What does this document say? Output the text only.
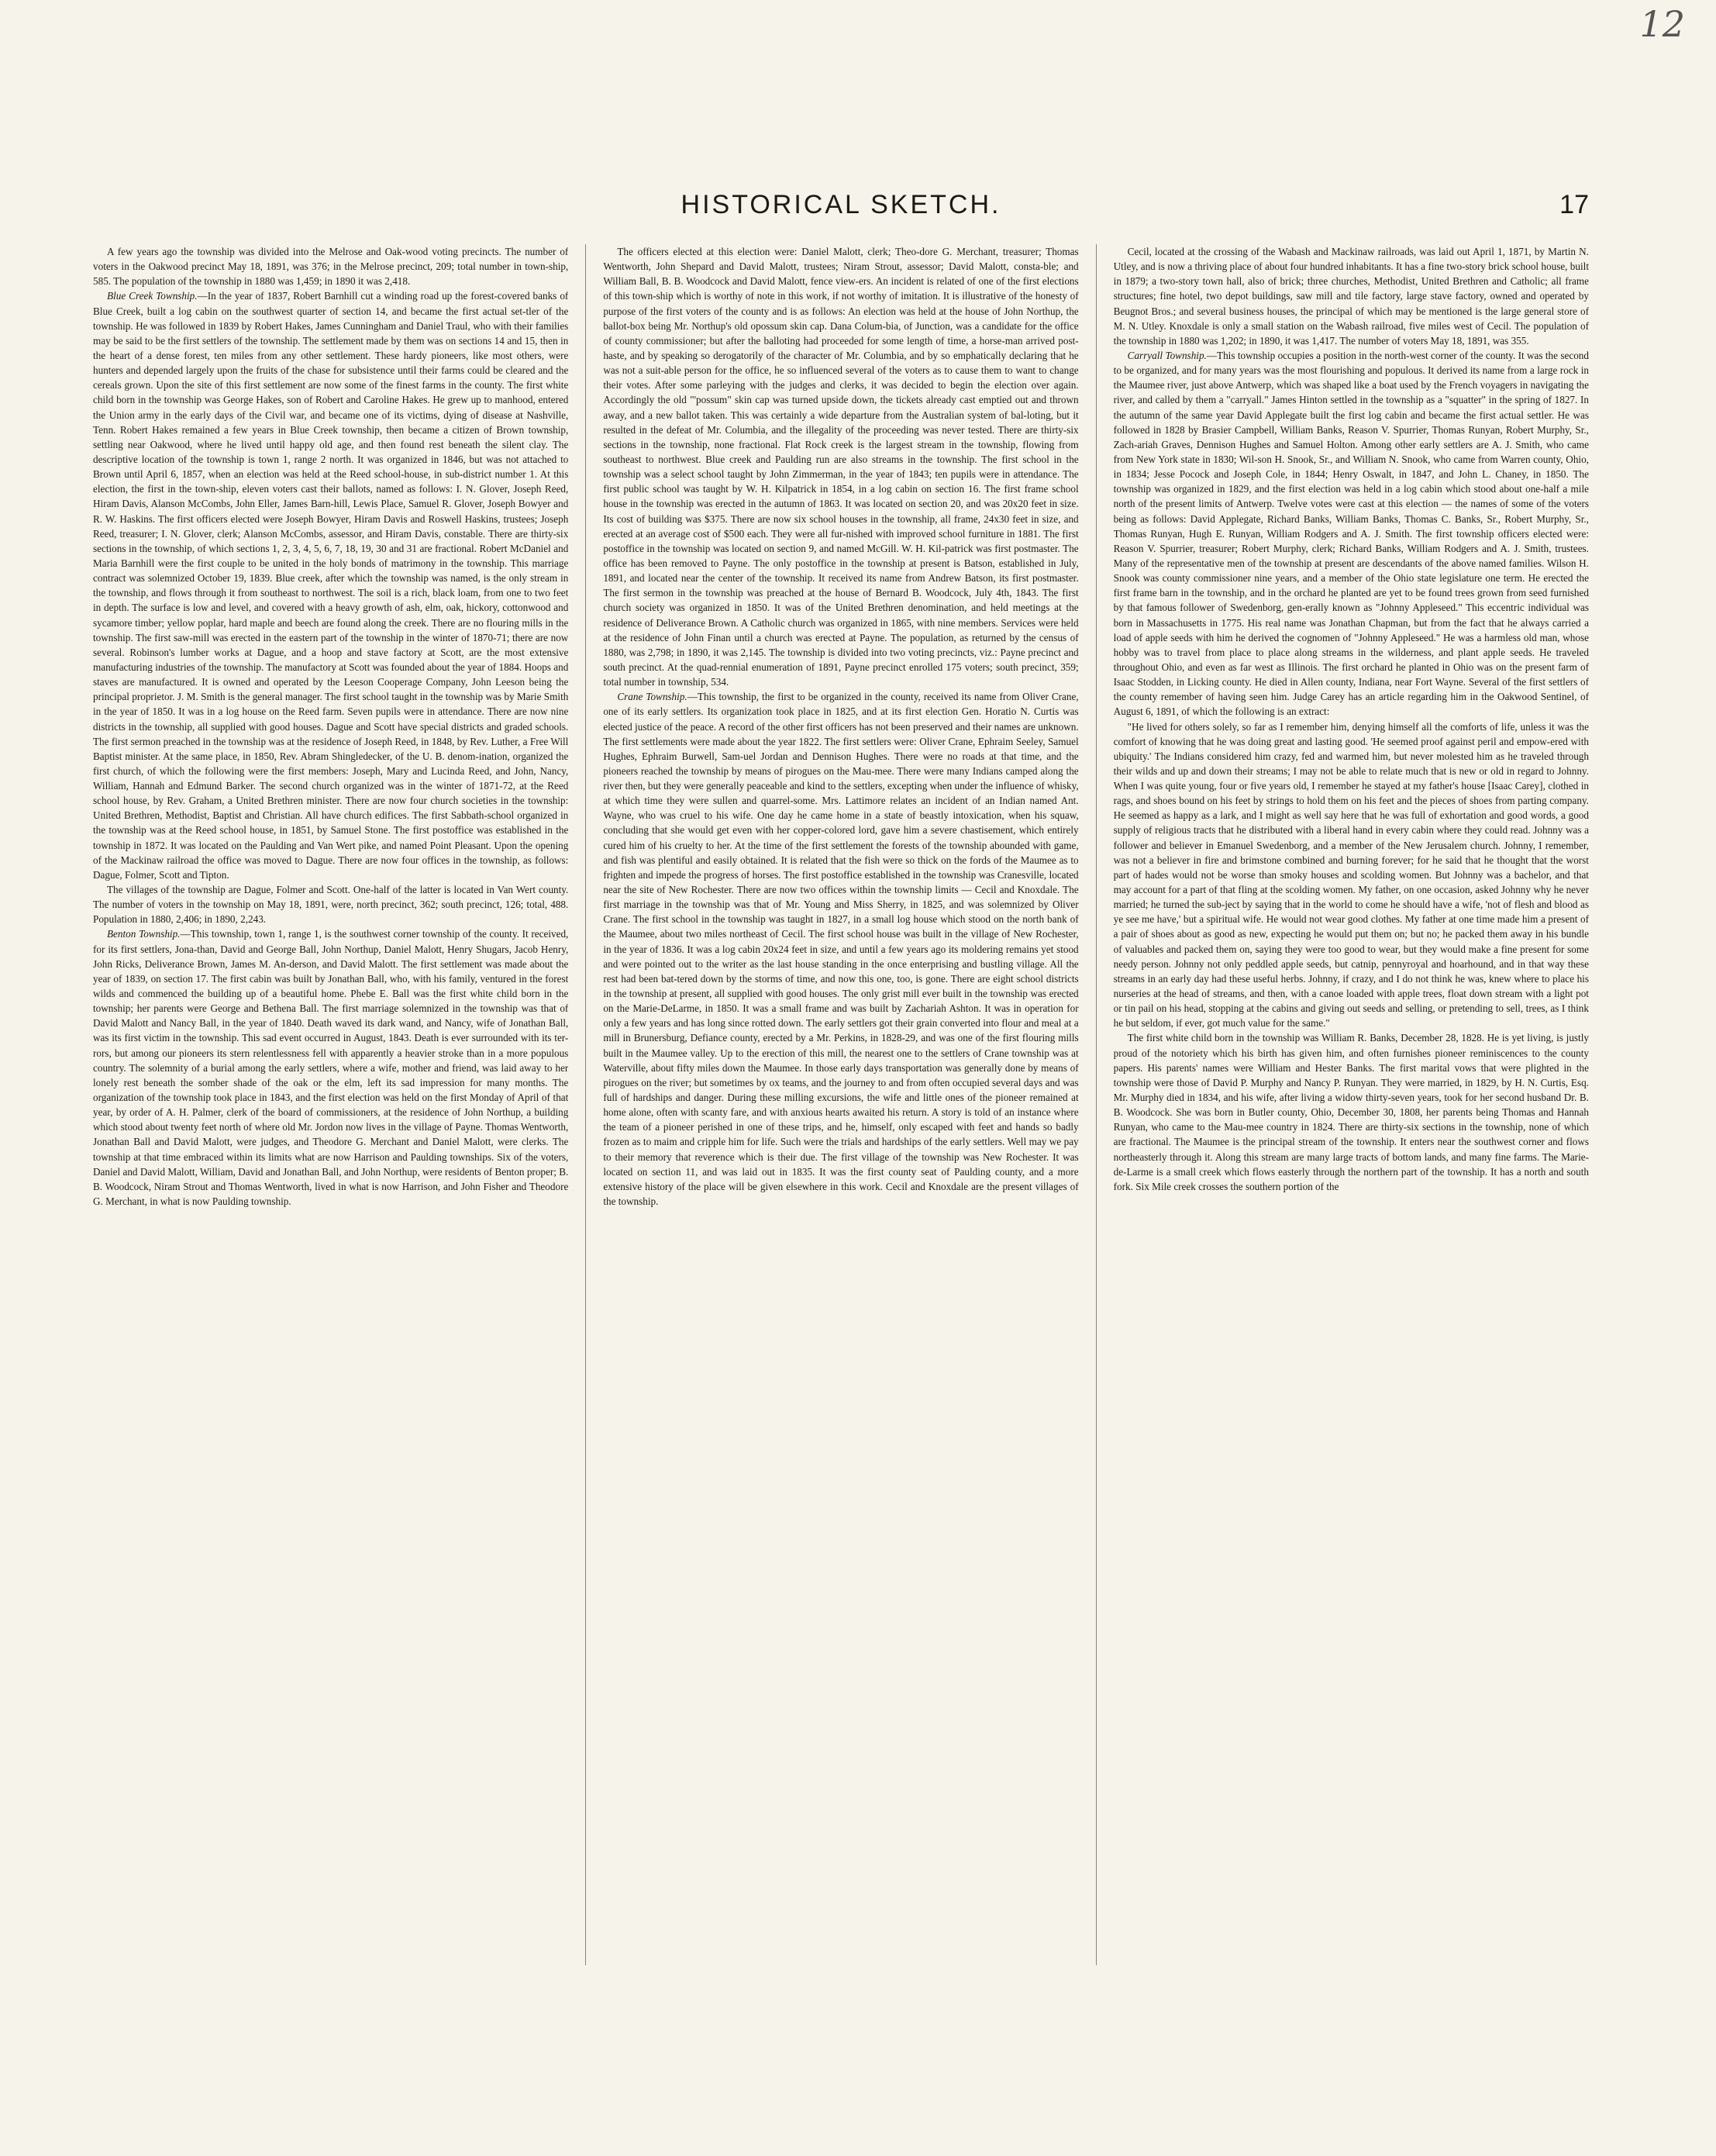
12
HISTORICAL SKETCH.	17

A few years ago the township was divided into the Melrose and Oak-wood voting precincts. The number of voters in the Oakwood precinct May 18, 1891, was 376; in the Melrose precinct, 209; total number in town-ship, 585. The population of the township in 1880 was 1,459; in 1890 it was 2,418.

Blue Creek Township.—In the year of 1837, Robert Barnhill cut a winding road up the forest-covered banks of Blue Creek, built a log cabin on the southwest quarter of section 14, and became the first actual set-tler of the township. He was followed in 1839 by Robert Hakes, James Cunningham and Daniel Traul, who with their families may be said to be the first settlers of the township. The settlement made by them was on sections 14 and 15, then in the heart of a dense forest, ten miles from any other settlement. These hardy pioneers, like most others, were hunters and depended largely upon the fruits of the chase for subsistence until their farms could be cleared and the cereals grown. Upon the site of this first settlement are now some of the finest farms in the county. The first white child born in the township was George Hakes, son of Robert and Caroline Hakes. He grew up to manhood, entered the Union army in the early days of the Civil war, and became one of its victims, dying of disease at Nashville, Tenn. Robert Hakes remained a few years in Blue Creek township, then became a citizen of Brown township, settling near Oakwood, where he lived until happy old age, and then found rest beneath the silent clay. The descriptive location of the township is town 1, range 2 north. It was organized in 1846, but was not attached to Brown until April 6, 1857, when an election was held at the Reed school-house, in sub-district number 1. At this election, the first in the town-ship, eleven voters cast their ballots, named as follows: I. N. Glover, Joseph Reed, Hiram Davis, Alanson McCombs, John Eller, James Barn-hill, Lewis Place, Samuel R. Glover, Joseph Bowyer and R. W. Haskins. The first officers elected were Joseph Bowyer, Hiram Davis and Roswell Haskins, trustees; Joseph Reed, treasurer; I. N. Glover, clerk; Alanson McCombs, assessor, and Hiram Davis, constable. There are thirty-six sections in the township, of which sections 1, 2, 3, 4, 5, 6, 7, 18, 19, 30 and 31 are fractional. Robert McDaniel and Maria Barnhill were the first couple to be united in the holy bonds of matrimony in the township. This marriage contract was solemnized October 19, 1839. Blue creek, after which the township was named, is the only stream in the township, and flows through it from southeast to northwest. The soil is a rich, black loam, from one to two feet in depth. The surface is low and level, and covered with a heavy growth of ash, elm, oak, hickory, cottonwood and sycamore timber; yellow poplar, hard maple and beech are found along the creek. There are no flouring mills in the township. The first saw-mill was erected in the eastern part of the township in the winter of 1870-71; there are now several. Robinson's lumber works at Dague, and a hoop and stave factory at Scott, are the most extensive manufacturing industries of the township. The manufactory at Scott was founded about the year of 1884. Hoops and staves are manufactured. It is owned and operated by the Leeson Cooperage Company, John Leeson being the principal proprietor. J. M. Smith is the general manager. The first school taught in the township was by Marie Smith in the year of 1850. It was in a log house on the Reed farm. Seven pupils were in attendance. There are now nine districts in the township, all supplied with good houses. Dague and Scott have special districts and graded schools. The first sermon preached in the township was at the residence of Joseph Reed, in 1848, by Rev. Luther, a Free Will Baptist minister. At the same place, in 1850, Rev. Abram Shingledecker, of the U. B. denom-ination, organized the first church, of which the following were the first members: Joseph, Mary and Lucinda Reed, and John, Nancy, William, Hannah and Edmund Barker. The second church organized was in the winter of 1871-72, at the Reed school house, by Rev. Graham, a United Brethren minister. There are now four church societies in the township: United Brethren, Methodist, Baptist and Christian. All have church edifices. The first Sabbath-school organized in the township was at the Reed school house, in 1851, by Samuel Stone. The first postoffice was established in the township in 1872. It was located on the Paulding and Van Wert pike, and named Point Pleasant. Upon the opening of the Mackinaw railroad the office was moved to Dague. There are now four offices in the township, as follows: Dague, Folmer, Scott and Tipton.

The villages of the township are Dague, Folmer and Scott. One-half of the latter is located in Van Wert county. The number of voters in the township on May 18, 1891, were, north precinct, 362; south precinct, 126; total, 488. Population in 1880, 2,406; in 1890, 2,243.

Benton Township.—This township, town 1, range 1, is the southwest corner township of the county. It received, for its first settlers, Jona-than, David and George Ball, John Northup, Daniel Malott, Henry Shugars, Jacob Henry, John Ricks, Deliverance Brown, James M. An-derson, and David Malott. The first settlement was made about the year of 1839, on section 17. The first cabin was built by Jonathan Ball, who, with his family, ventured in the forest wilds and commenced the building up of a beautiful home. Phebe E. Ball was the first white child born in the township; her parents were George and Bethena Ball. The first marriage solemnized in the township was that of David Malott and Nancy Ball, in the year of 1840. Death waved its dark wand, and Nancy, wife of Jonathan Ball, was its first victim in the township. This sad event occurred in August, 1843. Death is ever surrounded with its ter-rors, but among our pioneers its stern relentlessness fell with apparently a heavier stroke than in a more populous country. The solemnity of a burial among the early settlers, where a wife, mother and friend, was laid away to her lonely rest beneath the somber shade of the oak or the elm, left its sad impression for many months. The organization of the township took place in 1843, and the first election was held on the first Monday of April of that year, by order of A. H. Palmer, clerk of the board of commissioners, at the residence of John Northup, a building which stood about twenty feet north of where old Mr. Jordon now lives in the village of Payne. Thomas Wentworth, Jonathan Ball and David Malott, were judges, and Theodore G. Merchant and Daniel Malott, were clerks. The township at that time embraced within its limits what are now Harrison and Paulding townships. Six of the voters, Daniel and David Malott, William, David and Jonathan Ball, and John Northup, were residents of Benton proper; B. B. Woodcock, Niram Strout and Thomas Wentworth, lived in what is now Harrison, and John Fisher and Theodore G. Merchant, in what is now Paulding township.

The officers elected at this election were: Daniel Malott, clerk; Theo-dore G. Merchant, treasurer; Thomas Wentworth, John Shepard and David Malott, trustees; Niram Strout, assessor; David Malott, consta-ble; and William Ball, B. B. Woodcock and David Malott, fence view-ers. An incident is related of one of the first elections of this town-ship which is worthy of note in this work, if not worthy of imitation. It is illustrative of the honesty of purpose of the first voters of the county and is as follows: An election was held at the house of John Northup, the ballot-box being Mr. Northup's old opossum skin cap. Dana Colum-bia, of Junction, was a candidate for the office of county commissioner; but after the balloting had proceeded for some length of time, a horse-man arrived post-haste, and by speaking so derogatorily of the character of Mr. Columbia, and by so emphatically declaring that he was not a suit-able person for the office, he so influenced several of the voters as to cause them to want to change their votes. After some parleying with the judges and clerks, it was decided to begin the election over again. Accordingly the old "'possum" skin cap was turned upside down, the tickets already cast emptied out and thrown away, and a new ballot taken. This was certainly a wide departure from the Australian system of bal-loting, but it resulted in the defeat of Mr. Columbia, and the illegality of the proceeding was never tested. There are thirty-six sections in the township, none fractional. Flat Rock creek is the largest stream in the township, flowing from southeast to northwest. Blue creek and Paulding run are also streams in the township. The first school in the township was a select school taught by John Zimmerman, in the year of 1843; ten pupils were in attendance. The first public school was taught by W. H. Kilpatrick in 1854, in a log cabin on section 16. The first frame school house in the township was erected in the autumn of 1863. It was located on section 20, and was 20x20 feet in size. Its cost of building was $375. There are now six school houses in the township, all frame, 24x30 feet in size, and erected at an average cost of $500 each. They were all fur-nished with improved school furniture in 1881. The first postoffice in the township was located on section 9, and named McGill. W. H. Kil-patrick was first postmaster. The office has been removed to Payne. The only postoffice in the township at present is Batson, established in July, 1891, and located near the center of the township. It received its name from Andrew Batson, its first postmaster. The first sermon in the township was preached at the house of Bernard B. Woodcock, July 4th, 1843. The first church society was organized in 1850. It was of the United Brethren denomination, and held meetings at the residence of Deliverance Brown. A Catholic church was organized in 1865, with nine members. Services were held at the residence of John Finan until a church was erected at Payne. The population, as returned by the census of 1880, was 2,798; in 1890, it was 2,145. The township is divided into two voting precincts, viz.: Payne precinct and south precinct. At the quad-rennial enumeration of 1891, Payne precinct enrolled 175 voters; south precinct, 359; total number in township, 534.

Crane Township.—This township, the first to be organized in the county, received its name from Oliver Crane, one of its early settlers. Its organization took place in 1825, and at its first election Gen. Horatio N. Curtis was elected justice of the peace. A record of the other first officers has not been preserved and their names are unknown. The first settlements were made about the year 1822. The first settlers were: Oliver Crane, Ephraim Seeley, Samuel Hughes, Ephraim Burwell, Sam-uel Jordan and Dennison Hughes. There were no roads at that time, and the pioneers reached the township by means of pirogues on the Mau-mee. There were many Indians camped along the river then, but they were generally peaceable and kind to the settlers, excepting when under the influence of whisky, at which time they were sullen and quarrel-some. Mrs. Lattimore relates an incident of an Indian named Ant. Wayne, who was cruel to his wife. One day he came home in a state of beastly intoxication, when his squaw, concluding that she would get even with her copper-colored lord, gave him a severe chastisement, which entirely cured him of his cruelty to her. At the time of the first settlement the forests of the township abounded with game, and fish was plentiful and easily obtained. It is related that the fish were so thick on the fords of the Maumee as to frighten and impede the progress of horses. The first postoffice established in the township was Cranesville, located near the site of New Rochester. There are now two offices within the township limits — Cecil and Knoxdale. The first marriage in the township was that of Mr. Young and Miss Sherry, in 1825, and was solemnized by Oliver Crane. The first school in the township was taught in 1827, in a small log house which stood on the north bank of the Maumee, about two miles northeast of Cecil. The first school house was built in the village of New Rochester, in the year of 1836. It was a log cabin 20x24 feet in size, and until a few years ago its moldering remains yet stood and were pointed out to the writer as the last house standing in the once enterprising and bustling village. All the rest had been bat-tered down by the storms of time, and now this one, too, is gone. There are eight school districts in the township at present, all supplied with good houses. The only grist mill ever built in the township was erected on the Marie-DeLarme, in 1850. It was a small frame and was built by Zachariah Ashton. It was in operation for only a few years and has long since rotted down. The early settlers got their grain converted into flour and meal at a mill in Brunersburg, Defiance county, erected by a Mr. Perkins, in 1828-29, and was one of the first flouring mills built in the Maumee valley. Up to the erection of this mill, the nearest one to the settlers of Crane township was at Waterville, about fifty miles down the Maumee. In those early days transportation was generally done by means of pirogues on the river; but sometimes by ox teams, and the journey to and from often occupied several days and was full of hardships and danger. During these milling excursions, the wife and little ones of the pioneer remained at home alone, often with scanty fare, and with anxious hearts awaited his return. A story is told of an instance where the team of a pioneer perished in one of these trips, and he, himself, only escaped with feet and hands so badly frozen as to maim and cripple him for life. Such were the trials and hardships of the early settlers. Well may we pay to their memory that reverence which is their due. The first village of the township was New Rochester. It was located on section 11, and was laid out in 1835. It was the first county seat of Paulding county, and a more extensive history of the place will be given elsewhere in this work. Cecil and Knoxdale are the present villages of the township.

Cecil, located at the crossing of the Wabash and Mackinaw railroads, was laid out April 1, 1871, by Martin N. Utley, and is now a thriving place of about four hundred inhabitants. It has a fine two-story brick school house, built in 1879; a two-story town hall, also of brick; three churches, Methodist, United Brethren and Catholic; all frame structures; fine hotel, two depot buildings, saw mill and tile factory, large stave factory, owned and operated by Beugnot Bros.; and several business houses, the principal of which may be mentioned is the large general store of M. N. Utley. Knoxdale is only a small station on the Wabash railroad, five miles west of Cecil. The population of the township in 1880 was 1,202; in 1890, it was 1,417. The number of voters May 18, 1891, was 355.

Carryall Township.—This township occupies a position in the north-west corner of the county. It was the second to be organized, and for many years was the most flourishing and populous. It derived its name from a large rock in the Maumee river, just above Antwerp, which was shaped like a boat used by the French voyagers in navigating the river, and called by them a "carryall." James Hinton settled in the township as a "squatter" in the spring of 1827. In the autumn of the same year David Applegate built the first log cabin and became the first actual settler. He was followed in 1828 by Brasier Campbell, William Banks, Reason V. Spurrier, Thomas Runyan, Robert Murphy, Sr., Zach-ariah Graves, Dennison Hughes and Samuel Holton. Among other early settlers are A. J. Smith, who came from New York state in 1830; Wil-son H. Snook, Sr., and William N. Snook, who came from Warren county, Ohio, in 1834; Jesse Pocock and Joseph Cole, in 1844; Henry Oswalt, in 1847, and John L. Chaney, in 1850. The township was organized in 1829, and the first election was held in a log cabin which stood about one-half a mile north of the present limits of Antwerp. Twelve votes were cast at this election — the names of some of the voters being as follows: David Applegate, Richard Banks, William Banks, Thomas C. Banks, Sr., Robert Murphy, Sr., Thomas Runyan, Hugh E. Runyan, William Rodgers and A. J. Smith. The first township officers elected were: Reason V. Spurrier, treasurer; Robert Murphy, clerk; Richard Banks, William Rodgers and A. J. Smith, trustees. Many of the representative men of the township at present are descendants of the above named families. Wilson H. Snook was county commissioner nine years, and a member of the Ohio state legislature one term. He erected the first frame barn in the township, and in the orchard he planted are yet to be found trees grown from seed furnished by that famous follower of Swedenborg, gen-erally known as "Johnny Appleseed." This eccentric individual was born in Massachusetts in 1775. His real name was Jonathan Chapman, but from the fact that he always carried a load of apple seeds with him he derived the cognomen of "Johnny Appleseed." He was a harmless old man, whose hobby was to travel from place to place along streams in the wilderness, and plant apple seeds. He traveled throughout Ohio, and even as far west as Illinois. The first orchard he planted in Ohio was on the present farm of Isaac Stodden, in Licking county. He died in Allen county, Indiana, near Fort Wayne. Several of the first settlers of the county remember of having seen him. Judge Carey has an article regarding him in the Oakwood Sentinel, of August 6, 1891, of which the following is an extract:

"He lived for others solely, so far as I remember him, denying himself all the comforts of life, unless it was the comfort of knowing that he was doing great and lasting good. 'He seemed proof against peril and empow-ered with ubiquity.' The Indians considered him crazy, fed and warmed him, but never molested him as he traveled through their wilds and up and down their streams; I may not be able to relate much that is new or old in regard to Johnny. When I was quite young, four or five years old, I remember he stayed at my father's house [Isaac Carey], clothed in rags, and shoes bound on his feet by strings to hold them on his feet and the pieces of shoes from parting company. He seemed as happy as a lark, and I might as well say here that he was full of exhortation and good words, a good supply of religious tracts that he distributed with a liberal hand in every cabin where they could read. Johnny was a follower and believer in Emanuel Swedenborg, and a member of the New Jerusalem church. Johnny, I remember, was not a believer in fire and brimstone combined and burning forever; for he said that he thought that the worst part of hades would not be worse than smoky houses and scolding women. But Johnny was a bachelor, and that may account for a part of that fling at the scolding women. My father, on one occasion, asked Johnny why he never married; he turned the sub-ject by saying that in the world to come he should have a wife, 'not of flesh and blood as ye see me have,' but a spiritual wife. He would not wear good clothes. My father at one time made him a present of a pair of shoes about as good as new, expecting he would put them on; but no; he packed them away in his bundle of valuables and packed them on, saying they were too good to wear, but they would make a fine present for some needy person. Johnny not only peddled apple seeds, but catnip, pennyroyal and hoarhound, and in that way these streams in an early day had these useful herbs. Johnny, if crazy, and I do not think he was, knew where to place his nurseries at the head of streams, and then, with a canoe loaded with apple trees, float down stream with a light pot or tin pail on his head, stopping at the cabins and giving out seeds and selling, or pretending to sell, trees, as I think he but seldom, if ever, got much value for the same."

The first white child born in the township was William R. Banks, December 28, 1828. He is yet living, is justly proud of the notoriety which his birth has given him, and often furnishes pioneer reminiscences to the county papers. His parents' names were William and Hester Banks. The first marital vows that were plighted in the township were those of David P. Murphy and Nancy P. Runyan. They were married, in 1829, by H. N. Curtis, Esq. Mr. Murphy died in 1834, and his wife, after living a widow thirty-seven years, took for her second husband Dr. B. B. Woodcock. She was born in Butler county, Ohio, December 30, 1808, her parents being Thomas and Hannah Runyan, who came to the Mau-mee country in 1824. There are thirty-six sections in the township, none of which are fractional. The Maumee is the principal stream of the township. It enters near the southwest corner and flows northeasterly through it. Along this stream are many large tracts of bottom lands, and many fine farms. The Marie-de-Larme is a small creek which flows easterly through the northern part of the township. It has a north and south fork. Six Mile creek crosses the southern portion of the
